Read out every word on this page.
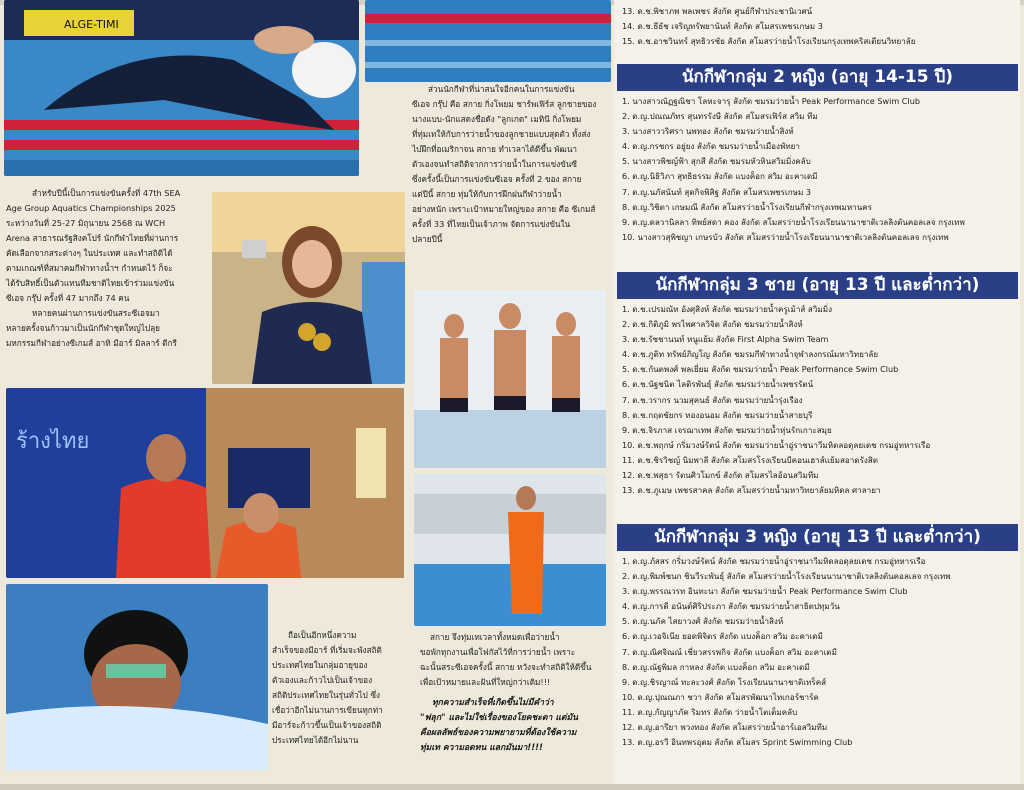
ALGE-TIMI

สำหรับปีนี้เป็นการแข่งขันครั้งที่ 47th SEA

Age Group Aquatics Championships 2025

ระหว่างวันที่ 25-27 มิถุนายน 2568 ณ WCH

Arena สาธารณรัฐสิงคโปร์ นักกีฬาไทยที่ผ่านการ

คัดเลือกจากสระต่างๆ ในประเทศ และทำสถิติได้

ตามเกณฑ์ที่สมาคมกีฬาทางน้ำฯ กำหนดไว้ ก็จะ

ได้รับสิทธิ์เป็นตัวแทนทีมชาติไทยเข้าร่วมแข่งขัน

ซีเอจ กรุ๊ป ครั้งที่ 47 มากถึง 74 คน

หลายคนผ่านการแข่งขันสระซีเอจมา

หลายครั้งจนก้าวมาเป็นนักกีฬาชุดใหญ่ไปลุย

มหกรรมกีฬาอย่างซีเกมส์ อาทิ มีอาร์ มิลลาร์ ตีกรี

ร้างไทย

ส่วนนักกีฬาที่น่าสนใจอีกคนในการแข่งขัน

ซีเอจ กรุ๊ป คือ สกาย กิ่งโพยม ชาร์พเฟิร์ส ลูกชายของ

นางแบบ-นักแสดงชื่อดัง "ลูกเกด" เมทินี กิ่งโพยม

ที่ทุ่มเทให้กับการว่ายน้ำของลูกชายแบบสุดตัว ทั้งส่ง

ไปฝึกที่อเมริกาจน สกาย ทำเวลาได้ดีขึ้น พัฒนา

ตัวเองจนทำสถิติจากการว่ายน้ำในการแข่งขันซี

ซึ่งครั้งนี้เป็นการแข่งขันซีเอจ ครั้งที่ 2 ของ สกาย

แต่ปีนี้ สกาย ทุ่มให้กับการฝึกฝนกีฬาว่ายน้ำ

อย่างหนัก เพราะเป้าหมายใหญ่ของ สกาย คือ ซีเกมส์

ครั้งที่ 33 ที่ไทยเป็นเจ้าภาพ จัดการแข่งขันใน

ปลายปีนี้

ถือเป็นอีกหนึ่งความ

สำเร็จของมีอาร์ ที่เริ่มจะพังสถิติ

ประเทศไทยในกลุ่มอายุของ

ตัวเองและก้าวไปเป็นเจ้าของ

สถิติประเทศไทยในรุ่นทั่วไป ซึ่ง

เชื่อว่าอีกไม่นานการเขียนทุกท่า

มีอาร์จะก้าวขึ้นเป็นเจ้าของสถิติ

ประเทศไทยได้อีกไม่นาน

สกาย จึงทุ่มเทเวลาทั้งหมดเพื่อว่ายน้ำ

ขอพักทุกงานเพื่อโฟกัสไว้ที่การว่ายน้ำ เพราะ

ฉะนั้นสระซีเอจครั้งนี้ สกาย หวังจะทำสถิติให้ดีขึ้น

เพื่อเป้าหมายและฝันที่ใหญ่กว่าเดิม!!!

ทุกความสำเร็จที่เกิดขึ้นไม่มีคำว่า

"ฟลุก" และไม่ใช่เรื่องของโยคชะตา แต่มัน

คือผลลัพธ์ของความพยายามที่ต้องใช้ความ

ทุ่มเท ความอดทน แลกมันมา!!!!

13. ด.ช.พิชาภพ พลเพชร สังกัด ศูนย์กีฬาประชานิเวศน์
14. ด.ช.ธีธัช เจริญทรัพยานันท์ สังกัด สโมสรเพชรเกษม 3
15. ด.ช.อาชวินทร์ สุทธิวรชัย สังกัด สโมสรว่ายน้ำโรงเรียนกรุงเทพคริสเตียนวิทยาลัย
นักกีฬากลุ่ม 2 หญิง (อายุ 14-15 ปี)
1. นางสาวณัฏฐณิชา โลหะจารุ สังกัด ชมรมว่ายน้ำ Peak Performance Swim Club
2. ด.ญ.ปณณภัทร สุนทรรังษี สังกัด สโมสรเฟิร์ส สวิม ทีม
3. นางสาววริศรา นพทอง สังกัด ชมรมว่ายน้ำสิงห์
4. ด.ญ.กรชกร อยู่ยง สังกัด ชมรมว่ายน้ำเมืองพัทยา
5. นางสาวพิชญ์ฟ้า สุกสี สังกัด ชมรมหัวหินสวิมมิ่งคลับ
6. ด.ญ.นิธิวิภา สุทธิธรรม สังกัด แบงค็อก สวิม อะคาเดมี
7. ด.ญ.นภัสนันท์ สุดกิจพิสิฐ สังกัด สโมสรเพชรเกษม 3
8. ด.ญ.วิชิตา เกษมณี สังกัด สโมสรว่ายน้ำโรงเรียนกีฬากรุงเทพมหานคร
9. ด.ญ.ดลวานิลลา ทิพย์สดา คอง สังกัด สโมสรว่ายน้ำโรงเรียนนานาชาติเวลลิงตันคอลเลจ กรุงเทพ
10. นางสาวสุพิชญา เกษรบัว สังกัด สโมสรว่ายน้ำโรงเรียนนานาชาติเวลลิงตันคอลเลจ กรุงเทพ
นักกีฬากลุ่ม 3 ชาย (อายุ 13 ปี และต่ำกว่า)
1. ด.ช.เปรมณัท อังศุสิงห์ สังกัด ชมรมว่ายน้ำครูเม้าส์ สวิมมิ่ง
2. ด.ช.กิติภูมิ พรไพศาลวิจิต สังกัด ชมรมว่ายน้ำสิงห์
3. ด.ช.รัชชานนท์ หนูแย้ม สังกัด First Alpha Swim Team
4. ด.ช.ภูติท ทรัพย์ภิญโญ สังกัด ชมรมกีฬาทางน้ำจุฬาลงกรณ์มหาวิทยาลัย
5. ด.ช.กันตพงศ์ พลเยี่ยม สังกัด ชมรมว่ายน้ำ Peak Performance Swim Club
6. ด.ช.นัฐชนิต ไลติรพันธุ์ สังกัด ชมรมว่ายน้ำเพชรรัตน์
7. ด.ช.วรากร นวมสุคนธ์ สังกัด ชมรมว่ายน้ำรุ่งเรือง
8. ด.ช.กฤตชัยกร ทองอนอม สังกัด ชมรมว่ายน้ำสายบุรี
9. ด.ช.จิรภาส เจรฌาเทพ สังกัด ชมรมว่ายน้ำหุ่นรักเกาะสมุย
10. ด.ช.พฤกษ์ กริ่มวงษ์รัตน์ สังกัด ชมรมว่ายน้ำอู่ราชนาวีมหิดลอดุลยเดช กรมอู่ทหารเรือ
11. ด.ช.ชิรวิชญ์ นิมพาลี สังกัด สโมสรโรงเรียนบีคอนเฮาส์แย้มสอาดรังสิต
12. ด.ช.พสุธา รัตนศิวโมกข์ สังกัด สโมสรไลอ้อนสวิมทีม
13. ด.ช.ภูเมษ เพชรสาคล สังกัด สโมสรว่ายน้ำมหาวิทยาลัยมหิดล ศาลายา
นักกีฬากลุ่ม 3 หญิง (อายุ 13 ปี และต่ำกว่า)
1. ด.ญ.ภัสสร กริ่มวงษ์รัตน์ สังกัด ชมรมว่ายน้ำอู่ราชนาวีมหิดลอดุลยเดช กรมอู่ทหารเรือ
2. ด.ญ.พิมพ์ชนก ชินวีระพันธุ์ สังกัด สโมสรว่ายน้ำโรงเรียนนานาชาติเวลลิงตันคอลเลจ กรุงเทพ
3. ด.ญ.พรรณวรท อินทะนา สังกัด ชมรมว่ายน้ำ Peak Performance Swim Club
4. ด.ญ.การดี อนันต์ศิริประภา สังกัด ชมรมว่ายน้ำสาธิตปทุมวัน
5. ด.ญ.นภัค ไสยาวงศ์ สังกัด ชมรมว่ายน้ำสิงห์
6. ด.ญ.เวอจิเนีย ยอดพิจิตร สังกัด แบงค็อก สวิม อะคาเดมี
7. ด.ญ.ณิศจิณณ์ เชี่ยวสรรพกิจ สังกัด แบงค็อก สวิม อะคาเดมี
8. ด.ญ.ณัฐพิมล กาหลง สังกัด แบงค็อก สวิม อะคาเดมี
9. ด.ญ.ชิรญาณ์ ทะละวงศ์ สังกัด โรงเรียนนานาชาติเทร็คส์
10. ด.ญ.ปุณณภา ชวา สังกัด สโมสรพัฒนาไทเกอร์ชาร์ค
11. ด.ญ.กัญญาภัค ริมทร สังกัด ว่ายน้ำโตเต็มคลับ
12. ด.ญ.อารียา พวงทอง สังกัด สโมสรว่ายน้ำอาร์เอสวิมทีม
13. ด.ญ.อรวี อินทพรอุดม สังกัด สโมสร Sprint Swimming Club
